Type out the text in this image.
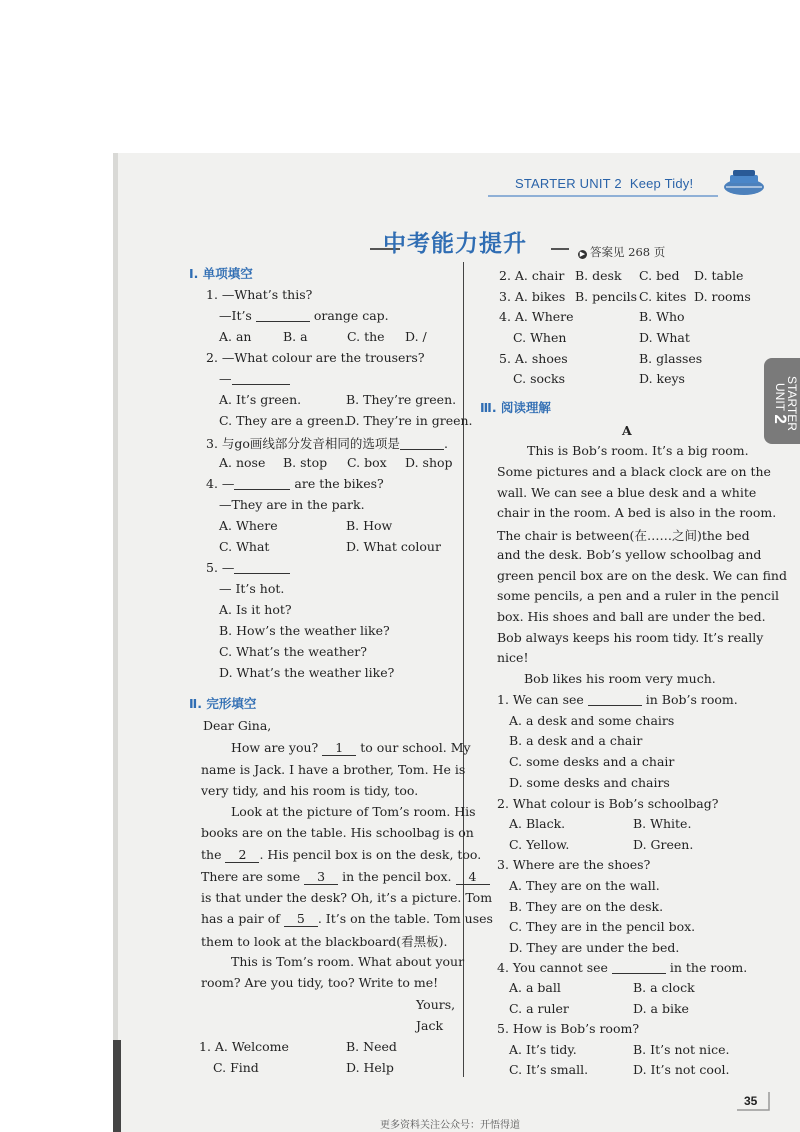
STARTER UNIT 2 Keep Tidy!
中考能力提升	▶ 答案见 268 页
Ⅰ. 单项填空
1. —What’s this?
—It’s	orange cap.
A. an	B. a	C. the D. /
2. —What colour are the trousers?
—
A. It’s green.	B. They’re green.
C. They are a green.
D. They’re in green.
3. 与go画线部分发音相同的选项是	.
A. nose B. stop C. box D. shop
4. —	are the bikes?
—They are in the park.
A. Where	B. How
C. What	D. What colour
5. —
— It’s hot.
A. Is it hot?
B. How’s the weather like?
C. What’s the weather?
D. What’s the weather like?
Ⅱ. 完形填空
Dear Gina,
How are you? 1 to our school. My
name is Jack. I have a brother, Tom. He is
very tidy, and his room is tidy, too.
Look at the picture of Tom’s room. His
books are on the table. His schoolbag is on
the 2 . His pencil box is on the desk, too.
There are some 3 in the pencil box. 4
is that under the desk? Oh, it’s a picture. Tom
has a pair of 5 . It’s on the table. Tom uses
them to look at the blackboard(看黑板).
This is Tom’s room. What about your
room? Are you tidy, too? Write to me!
Yours,
Jack
1. A. Welcome	B. Need
C. Find	D. Help
2. A. chair B. desk C. bed D. table
3. A. bikes B. pencils C. kites D. rooms
4. A. Where	B. Who
C. When	D. What
5. A. shoes	B. glasses
C. socks	D. keys
Ⅲ. 阅读理解
A
This is Bob’s room. It’s a big room.
Some pictures and a black clock are on the
wall. We can see a blue desk and a white
chair in the room. A bed is also in the room.
The chair is between(在……之间)the bed
and the desk. Bob’s yellow schoolbag and
green pencil box are on the desk. We can find
some pencils, a pen and a ruler in the pencil
box. His shoes and ball are under the bed.
Bob always keeps his room tidy. It’s really
nice!
Bob likes his room very much.
1. We can see	in Bob’s room.
A. a desk and some chairs
B. a desk and a chair
C. some desks and a chair
D. some desks and chairs
2. What colour is Bob’s schoolbag?
A. Black.	B. White.
C. Yellow.	D. Green.
3. Where are the shoes?
A. They are on the wall.
B. They are on the desk.
C. They are in the pencil box.
D. They are under the bed.
4. You cannot see	in the room.
A. a ball	B. a clock
C. a ruler	D. a bike
5. How is Bob’s room?
A. It’s tidy.	B. It’s not nice.
C. It’s small.	D. It’s not cool.
STARTER UNIT 2
35
更多资料关注公众号：开悟得道
